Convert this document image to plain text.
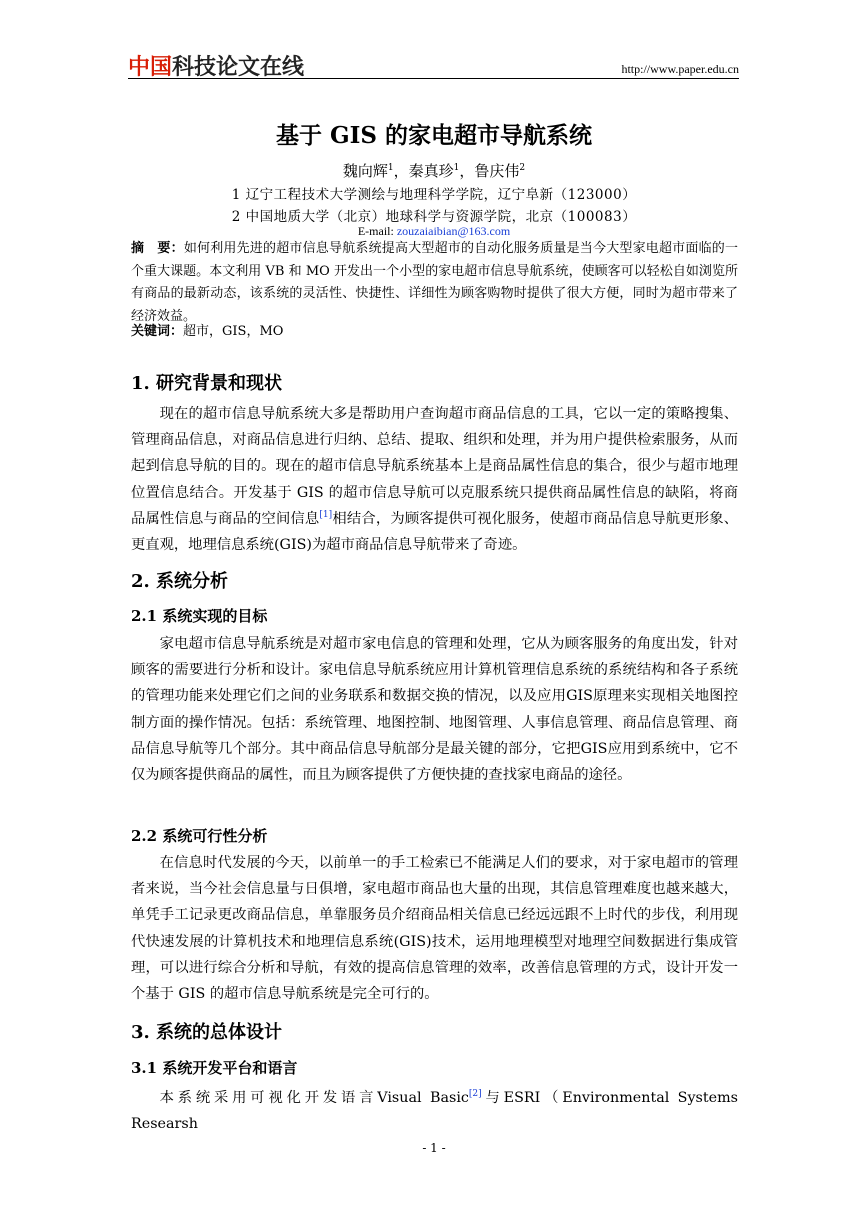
中国 科技论文在线	http://www.paper.edu.cn
基于 GIS 的家电超市导航系统
魏向辉$^1$，秦真珍$^1$，鲁庆伟$^2$
1 辽宁工程技术大学测绘与地理科学学院，辽宁阜新（123000）
2 中国地质大学（北京）地球科学与资源学院，北京（100083）
E-mail: zouzaiaibian@163.com
摘　要：如何利用先进的超市信息导航系统提高大型超市的自动化服务质量是当今大型家电超市面临的一个重大课题。本文利用 VB 和 MO 开发出一个小型的家电超市信息导航系统，使顾客可以轻松自如浏览所有商品的最新动态，该系统的灵活性、快捷性、详细性为顾客购物时提供了很大方便，同时为超市带来了经济效益。
关键词：超市，GIS，MO
1. 研究背景和现状
现在的超市信息导航系统大多是帮助用户查询超市商品信息的工具，它以一定的策略搜集、管理商品信息，对商品信息进行归纳、总结、提取、组织和处理，并为用户提供检索服务，从而起到信息导航的目的。现在的超市信息导航系统基本上是商品属性信息的集合，很少与超市地理位置信息结合。开发基于 GIS 的超市信息导航可以克服系统只提供商品属性信息的缺陷，将商品属性信息与商品的空间信息[1]相结合，为顾客提供可视化服务，使超市商品信息导航更形象、更直观，地理信息系统(GIS)为超市商品信息导航带来了奇迹。
2. 系统分析
2.1 系统实现的目标
家电超市信息导航系统是对超市家电信息的管理和处理，它从为顾客服务的角度出发，针对顾客的需要进行分析和设计。家电信息导航系统应用计算机管理信息系统的系统结构和各子系统的管理功能来处理它们之间的业务联系和数据交换的情况，以及应用GIS原理来实现相关地图控制方面的操作情况。包括：系统管理、地图控制、地图管理、人事信息管理、商品信息管理、商品信息导航等几个部分。其中商品信息导航部分是最关键的部分，它把GIS应用到系统中，它不仅为顾客提供商品的属性，而且为顾客提供了方便快捷的查找家电商品的途径。
2.2 系统可行性分析
在信息时代发展的今天，以前单一的手工检索已不能满足人们的要求，对于家电超市的管理者来说，当今社会信息量与日俱增，家电超市商品也大量的出现，其信息管理难度也越来越大，单凭手工记录更改商品信息，单靠服务员介绍商品相关信息已经远远跟不上时代的步伐，利用现代快速发展的计算机技术和地理信息系统(GIS)技术，运用地理模型对地理空间数据进行集成管理，可以进行综合分析和导航，有效的提高信息管理的效率，改善信息管理的方式，设计开发一个基于 GIS 的超市信息导航系统是完全可行的。
3. 系统的总体设计
3.1 系统开发平台和语言
本系统采用可视化开发语言Visual Basic[2]与ESRI（Environmental Systems Researsh
- 1 -
